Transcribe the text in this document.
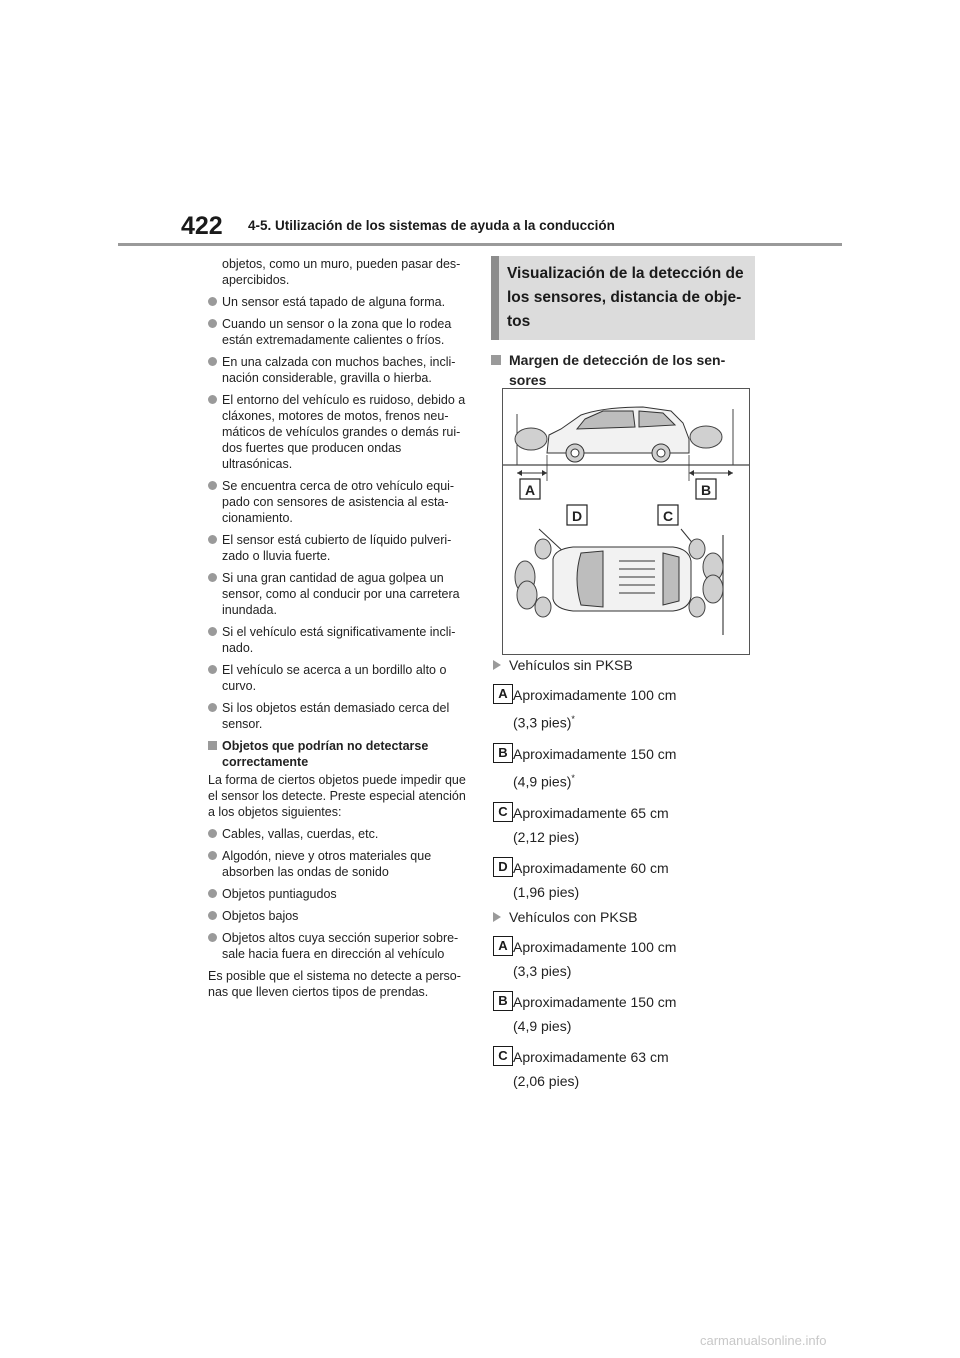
422 4-5. Utilización de los sistemas de ayuda a la conducción

objetos, como un muro, pueden pasar des-apercibidos.

Un sensor está tapado de alguna forma.
Cuando un sensor o la zona que lo rodea están extremadamente calientes o fríos.
En una calzada con muchos baches, incli-nación considerable, gravilla o hierba.
El entorno del vehículo es ruidoso, debido a cláxones, motores de motos, frenos neu-máticos de vehículos grandes o demás rui-dos fuertes que producen ondas ultrasónicas.
Se encuentra cerca de otro vehículo equi-pado con sensores de asistencia al esta-cionamiento.
El sensor está cubierto de líquido pulveri-zado o lluvia fuerte.
Si una gran cantidad de agua golpea un sensor, como al conducir por una carretera inundada.
Si el vehículo está significativamente incli-nado.
El vehículo se acerca a un bordillo alto o curvo.
Si los objetos están demasiado cerca del sensor.
Objetos que podrían no detectarse correctamente

La forma de ciertos objetos puede impedir que el sensor los detecte. Preste especial atención a los objetos siguientes:

Cables, vallas, cuerdas, etc.
Algodón, nieve y otros materiales que absorben las ondas de sonido
Objetos puntiagudos
Objetos bajos
Objetos altos cuya sección superior sobre-sale hacia fuera en dirección al vehículo

Es posible que el sistema no detecte a perso-nas que lleven ciertos tipos de prendas.

Visualización de la detección de los sensores, distancia de obje-tos
Margen de detección de los sen-sores
A	B
D	C
Vehículos sin PKSB
A Aproximadamente 100 cm
(3,3 pies)*
B Aproximadamente 150 cm
(4,9 pies)*
C Aproximadamente 65 cm
(2,12 pies)
D Aproximadamente 60 cm
(1,96 pies)
Vehículos con PKSB
A Aproximadamente 100 cm
(3,3 pies)
B Aproximadamente 150 cm
(4,9 pies)
C Aproximadamente 63 cm
(2,06 pies)
carmanualsonline.info
